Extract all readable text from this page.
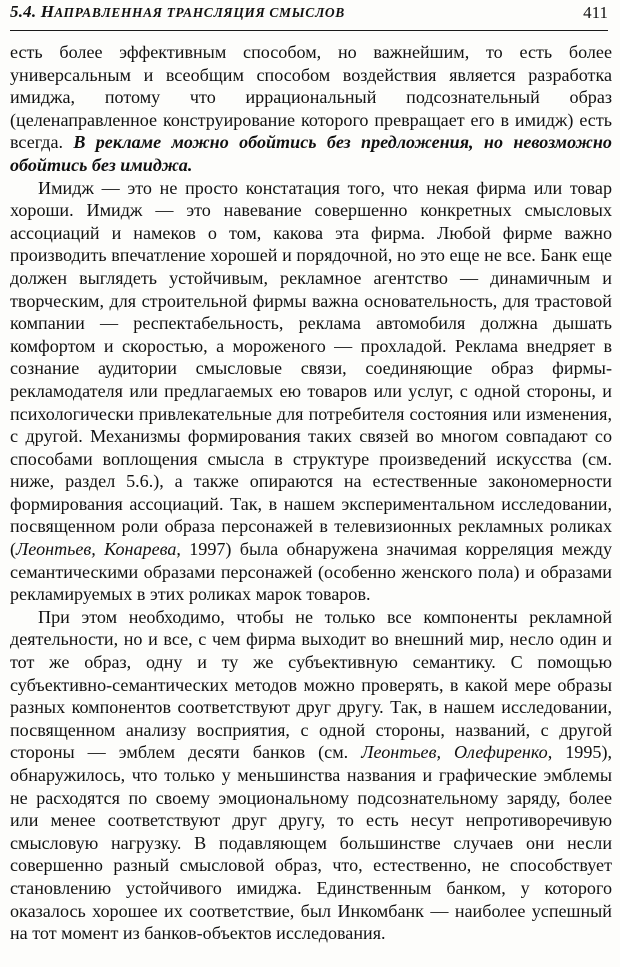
5.4. НАПРАВЛЕННАЯ ТРАНСЛЯЦИЯ СМЫСЛОВ	411

есть более эффективным способом, но важнейшим, то есть более универсальным и всеобщим способом воздействия является разработка имиджа, потому что иррациональный подсознательный образ (целенаправленное конструирование которого превращает его в имидж) есть всегда. В рекламе можно обойтись без предложения, но невозможно обойтись без имиджа.

Имидж — это не просто констатация того, что некая фирма или товар хороши. Имидж — это навевание совершенно конкретных смысловых ассоциаций и намеков о том, какова эта фирма. Любой фирме важно производить впечатление хорошей и порядочной, но это еще не все. Банк еще должен выглядеть устойчивым, рекламное агентство — динамичным и творческим, для строительной фирмы важна основательность, для трастовой компании — респектабельность, реклама автомобиля должна дышать комфортом и скоростью, а мороженого — прохладой. Реклама внедряет в сознание аудитории смысловые связи, соединяющие образ фирмы-рекламодателя или предлагаемых ею товаров или услуг, с одной стороны, и психологически привлекательные для потребителя состояния или изменения, с другой. Механизмы формирования таких связей во многом совпадают со способами воплощения смысла в структуре произведений искусства (см. ниже, раздел 5.6.), а также опираются на естественные закономерности формирования ассоциаций. Так, в нашем экспериментальном исследовании, посвященном роли образа персонажей в телевизионных рекламных роликах (Леонтьев, Конарева, 1997) была обнаружена значимая корреляция между семантическими образами персонажей (особенно женского пола) и образами рекламируемых в этих роликах марок товаров.

При этом необходимо, чтобы не только все компоненты рекламной деятельности, но и все, с чем фирма выходит во внешний мир, несло один и тот же образ, одну и ту же субъективную семантику. С помощью субъективно-семантических методов можно проверять, в какой мере образы разных компонентов соответствуют друг другу. Так, в нашем исследовании, посвященном анализу восприятия, с одной стороны, названий, с другой стороны — эмблем десяти банков (см. Леонтьев, Олефиренко, 1995), обнаружилось, что только у меньшинства названия и графические эмблемы не расходятся по своему эмоциональному подсознательному заряду, более или менее соответствуют друг другу, то есть несут непротиворечивую смысловую нагрузку. В подавляющем большинстве случаев они несли совершенно разный смысловой образ, что, естественно, не способствует становлению устойчивого имиджа. Единственным банком, у которого оказалось хорошее их соответствие, был Инкомбанк — наиболее успешный на тот момент из банков-объектов исследования.
